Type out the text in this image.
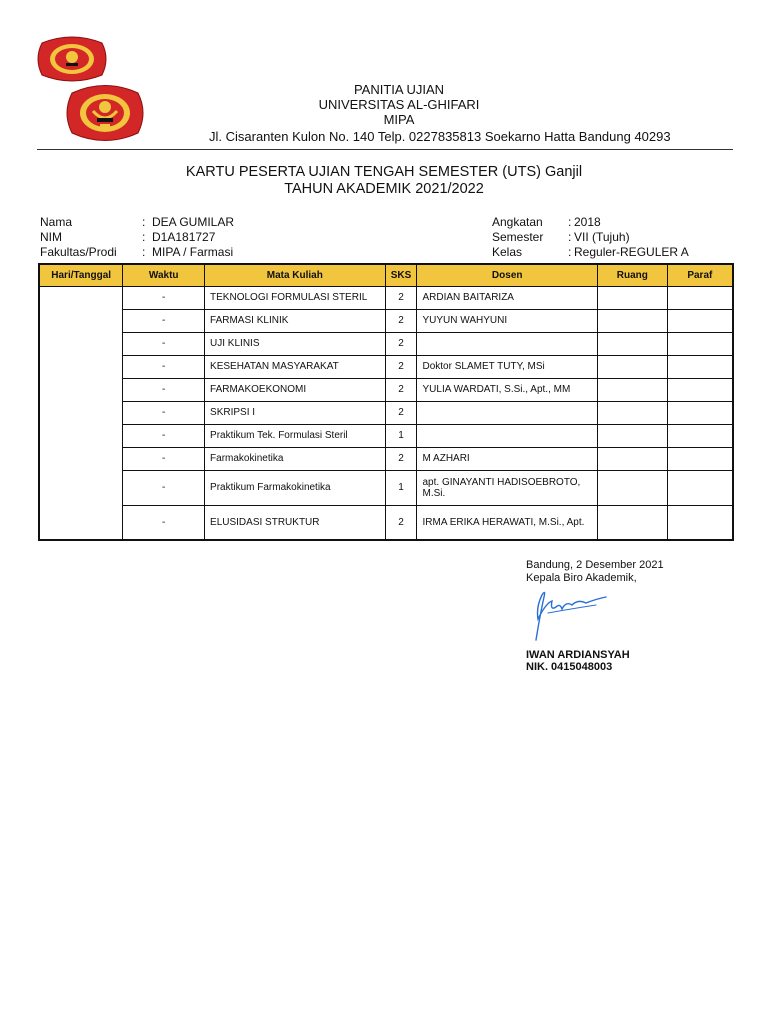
PANITIA UJIAN
UNIVERSITAS AL-GHIFARI
MIPA
Jl. Cisaranten Kulon No. 140 Telp. 0227835813 Soekarno Hatta Bandung 40293
KARTU PESERTA UJIAN TENGAH SEMESTER (UTS) Ganjil
TAHUN AKADEMIK 2021/2022
Nama	: DEA GUMILAR
NIM	: D1A181727
Fakultas/Prodi	: MIPA / Farmasi
Angkatan	: 2018
Semester	: VII (Tujuh)
Kelas	: Reguler-REGULER A
Hari/Tanggal	Waktu	Mata Kuliah	SKS	Dosen	Ruang	Paraf
	-	TEKNOLOGI FORMULASI STERIL	2	ARDIAN BAITARIZA		
	-	FARMASI KLINIK	2	YUYUN WAHYUNI		
	-	UJI KLINIS	2			
	-	KESEHATAN MASYARAKAT	2	Doktor SLAMET TUTY, MSi		
	-	FARMAKOEKONOMI	2	YULIA WARDATI, S.Si., Apt., MM		
	-	SKRIPSI I	2			
	-	Praktikum Tek. Formulasi Steril	1			
	-	Farmakokinetika	2	M AZHARI		
	-	Praktikum Farmakokinetika	1	apt. GINAYANTI HADISOEBROTO, M.Si.		
	-	ELUSIDASI STRUKTUR	2	IRMA ERIKA HERAWATI, M.Si., Apt.		
Bandung, 2 Desember 2021
Kepala Biro Akademik,
IWAN ARDIANSYAH
NIK. 0415048003
